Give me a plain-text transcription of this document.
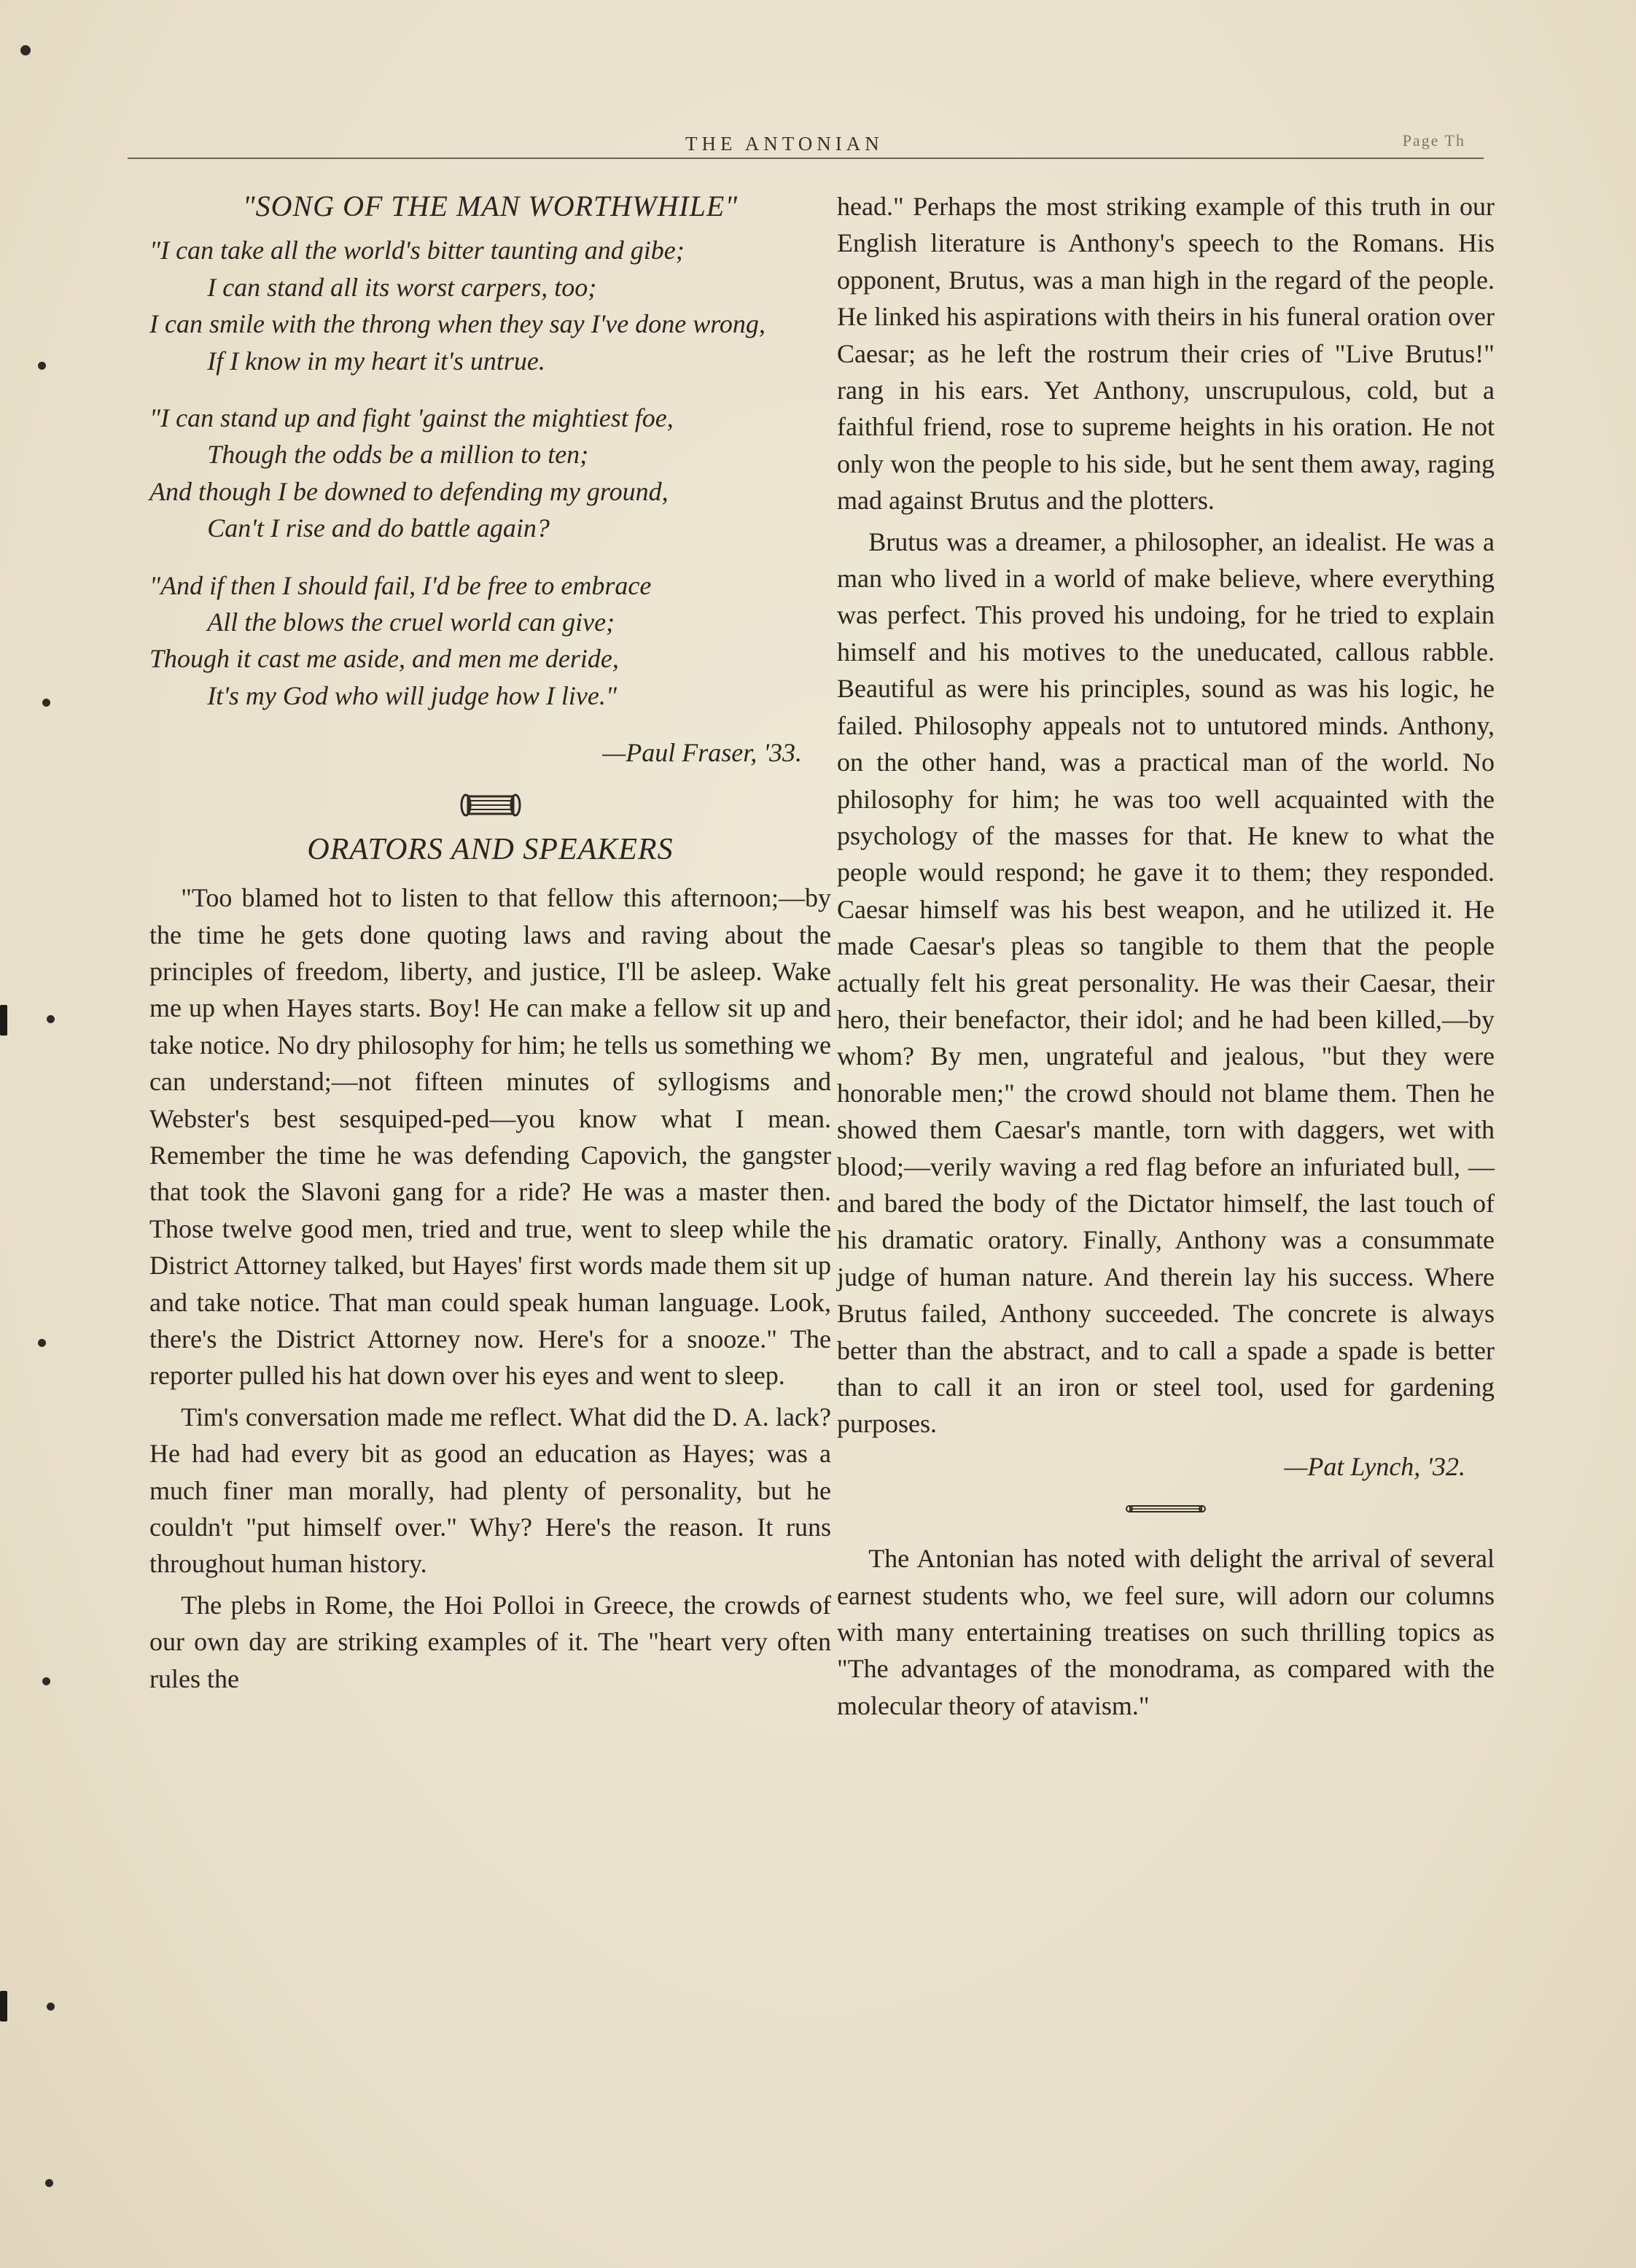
THE ANTONIAN	Page Th
"SONG OF THE MAN WORTHWHILE"
"I can take all the world's bitter taunting and gibe;
I can stand all its worst carpers, too;
I can smile with the throng when they say I've done wrong,
If I know in my heart it's untrue.
"I can stand up and fight 'gainst the mightiest foe,
Though the odds be a million to ten;
And though I be downed to defending my ground,
Can't I rise and do battle again?
"And if then I should fail, I'd be free to embrace
All the blows the cruel world can give;
Though it cast me aside, and men me deride,
It's my God who will judge how I live."
—Paul Fraser, '33.
ORATORS AND SPEAKERS

"Too blamed hot to listen to that fellow this afternoon;—by the time he gets done quoting laws and raving about the principles of freedom, liberty, and justice, I'll be asleep. Wake me up when Hayes starts. Boy! He can make a fellow sit up and take notice. No dry philosophy for him; he tells us something we can understand;—not fifteen minutes of syllogisms and Webster's best sesquiped-ped—you know what I mean. Remember the time he was defending Capovich, the gangster that took the Slavoni gang for a ride? He was a master then. Those twelve good men, tried and true, went to sleep while the District Attorney talked, but Hayes' first words made them sit up and take notice. That man could speak human language. Look, there's the District Attorney now. Here's for a snooze." The reporter pulled his hat down over his eyes and went to sleep.

Tim's conversation made me reflect. What did the D. A. lack? He had had every bit as good an education as Hayes; was a much finer man morally, had plenty of personality, but he couldn't "put himself over." Why? Here's the reason. It runs throughout human history.

The plebs in Rome, the Hoi Polloi in Greece, the crowds of our own day are striking examples of it. The "heart very often rules the

head." Perhaps the most striking example of this truth in our English literature is Anthony's speech to the Romans. His opponent, Brutus, was a man high in the regard of the people. He linked his aspirations with theirs in his funeral oration over Caesar; as he left the rostrum their cries of "Live Brutus!" rang in his ears. Yet Anthony, unscrupulous, cold, but a faithful friend, rose to supreme heights in his oration. He not only won the people to his side, but he sent them away, raging mad against Brutus and the plotters.

Brutus was a dreamer, a philosopher, an idealist. He was a man who lived in a world of make believe, where everything was perfect. This proved his undoing, for he tried to explain himself and his motives to the uneducated, callous rabble. Beautiful as were his principles, sound as was his logic, he failed. Philosophy appeals not to untutored minds. Anthony, on the other hand, was a practical man of the world. No philosophy for him; he was too well acquainted with the psychology of the masses for that. He knew to what the people would respond; he gave it to them; they responded. Caesar himself was his best weapon, and he utilized it. He made Caesar's pleas so tangible to them that the people actually felt his great personality. He was their Caesar, their hero, their benefactor, their idol; and he had been killed,—by whom? By men, ungrateful and jealous, "but they were honorable men;" the crowd should not blame them. Then he showed them Caesar's mantle, torn with daggers, wet with blood;—verily waving a red flag before an infuriated bull, — and bared the body of the Dictator himself, the last touch of his dramatic oratory. Finally, Anthony was a consummate judge of human nature. And therein lay his success. Where Brutus failed, Anthony succeeded. The concrete is always better than the abstract, and to call a spade a spade is better than to call it an iron or steel tool, used for gardening purposes.

—Pat Lynch, '32.

The Antonian has noted with delight the arrival of several earnest students who, we feel sure, will adorn our columns with many entertaining treatises on such thrilling topics as "The advantages of the monodrama, as compared with the molecular theory of atavism."
